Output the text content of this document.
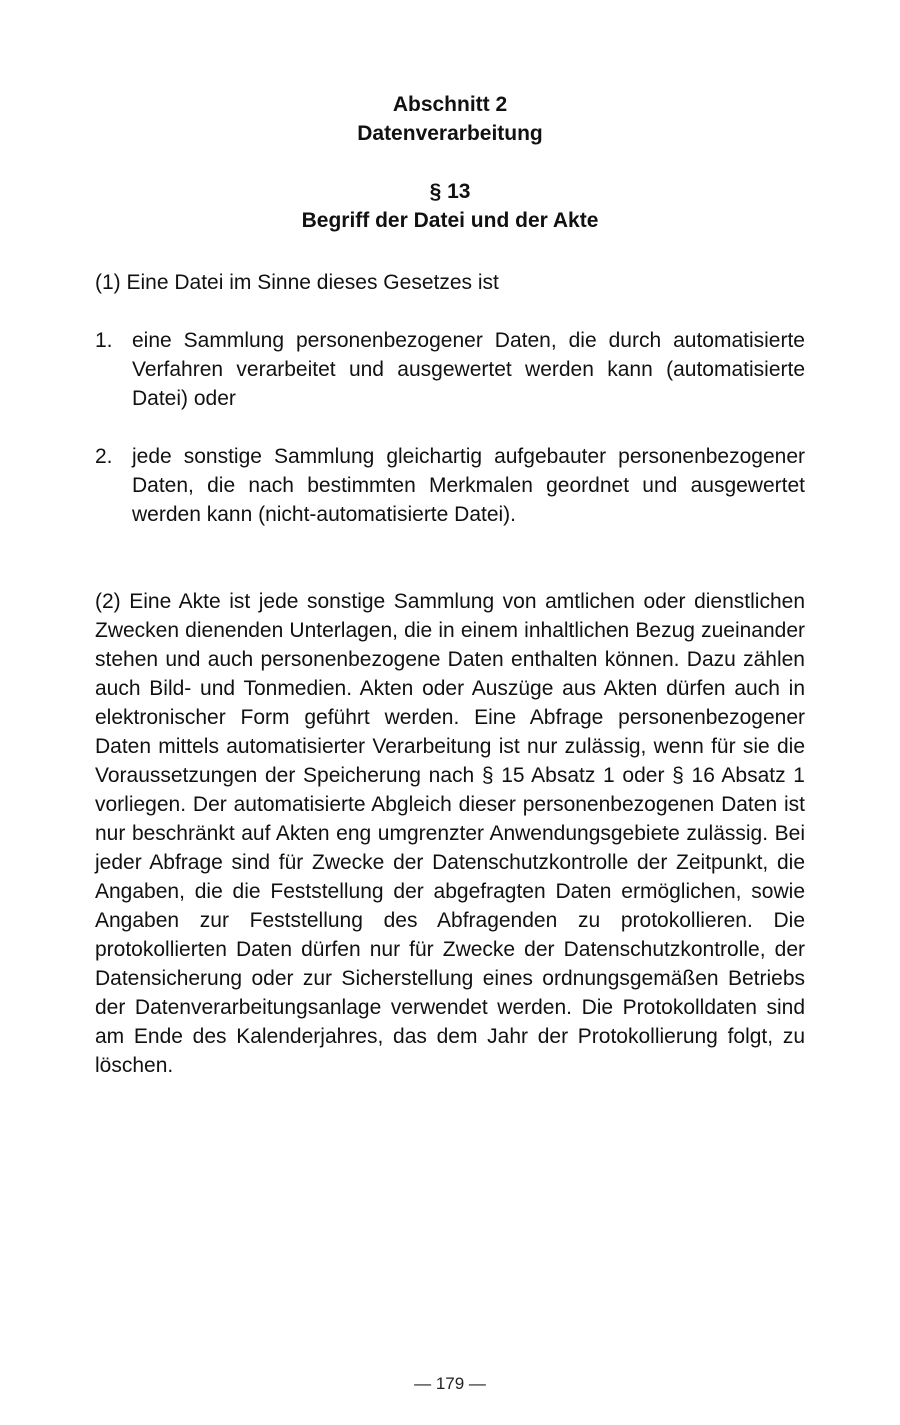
Abschnitt 2
Datenverarbeitung
§ 13
Begriff der Datei und der Akte
(1) Eine Datei im Sinne dieses Gesetzes ist
1. eine Sammlung personenbezogener Daten, die durch automatisierte Verfahren verarbeitet und ausgewertet werden kann (automatisierte Datei) oder
2. jede sonstige Sammlung gleichartig aufgebauter personenbezogener Daten, die nach bestimmten Merkmalen geordnet und ausgewertet werden kann (nicht-automatisierte Datei).
(2) Eine Akte ist jede sonstige Sammlung von amtlichen oder dienstlichen Zwecken dienenden Unterlagen, die in einem inhaltlichen Bezug zueinander stehen und auch personenbezogene Daten enthalten können. Dazu zählen auch Bild- und Tonmedien. Akten oder Auszüge aus Akten dürfen auch in elektronischer Form geführt werden. Eine Abfrage personenbezogener Daten mittels automatisierter Verarbeitung ist nur zulässig, wenn für sie die Voraussetzungen der Speicherung nach § 15 Absatz 1 oder § 16 Absatz 1 vorliegen. Der automatisierte Abgleich dieser personenbezogenen Daten ist nur beschränkt auf Akten eng umgrenzter Anwendungsgebiete zulässig. Bei jeder Abfrage sind für Zwecke der Datenschutzkontrolle der Zeitpunkt, die Angaben, die die Feststellung der abgefragten Daten ermöglichen, sowie Angaben zur Feststellung des Abfragenden zu protokollieren. Die protokollierten Daten dürfen nur für Zwecke der Datenschutzkontrolle, der Datensicherung oder zur Sicherstellung eines ordnungsgemäßen Betriebs der Datenverarbeitungsanlage verwendet werden. Die Protokolldaten sind am Ende des Kalenderjahres, das dem Jahr der Protokollierung folgt, zu löschen.
— 179 —
